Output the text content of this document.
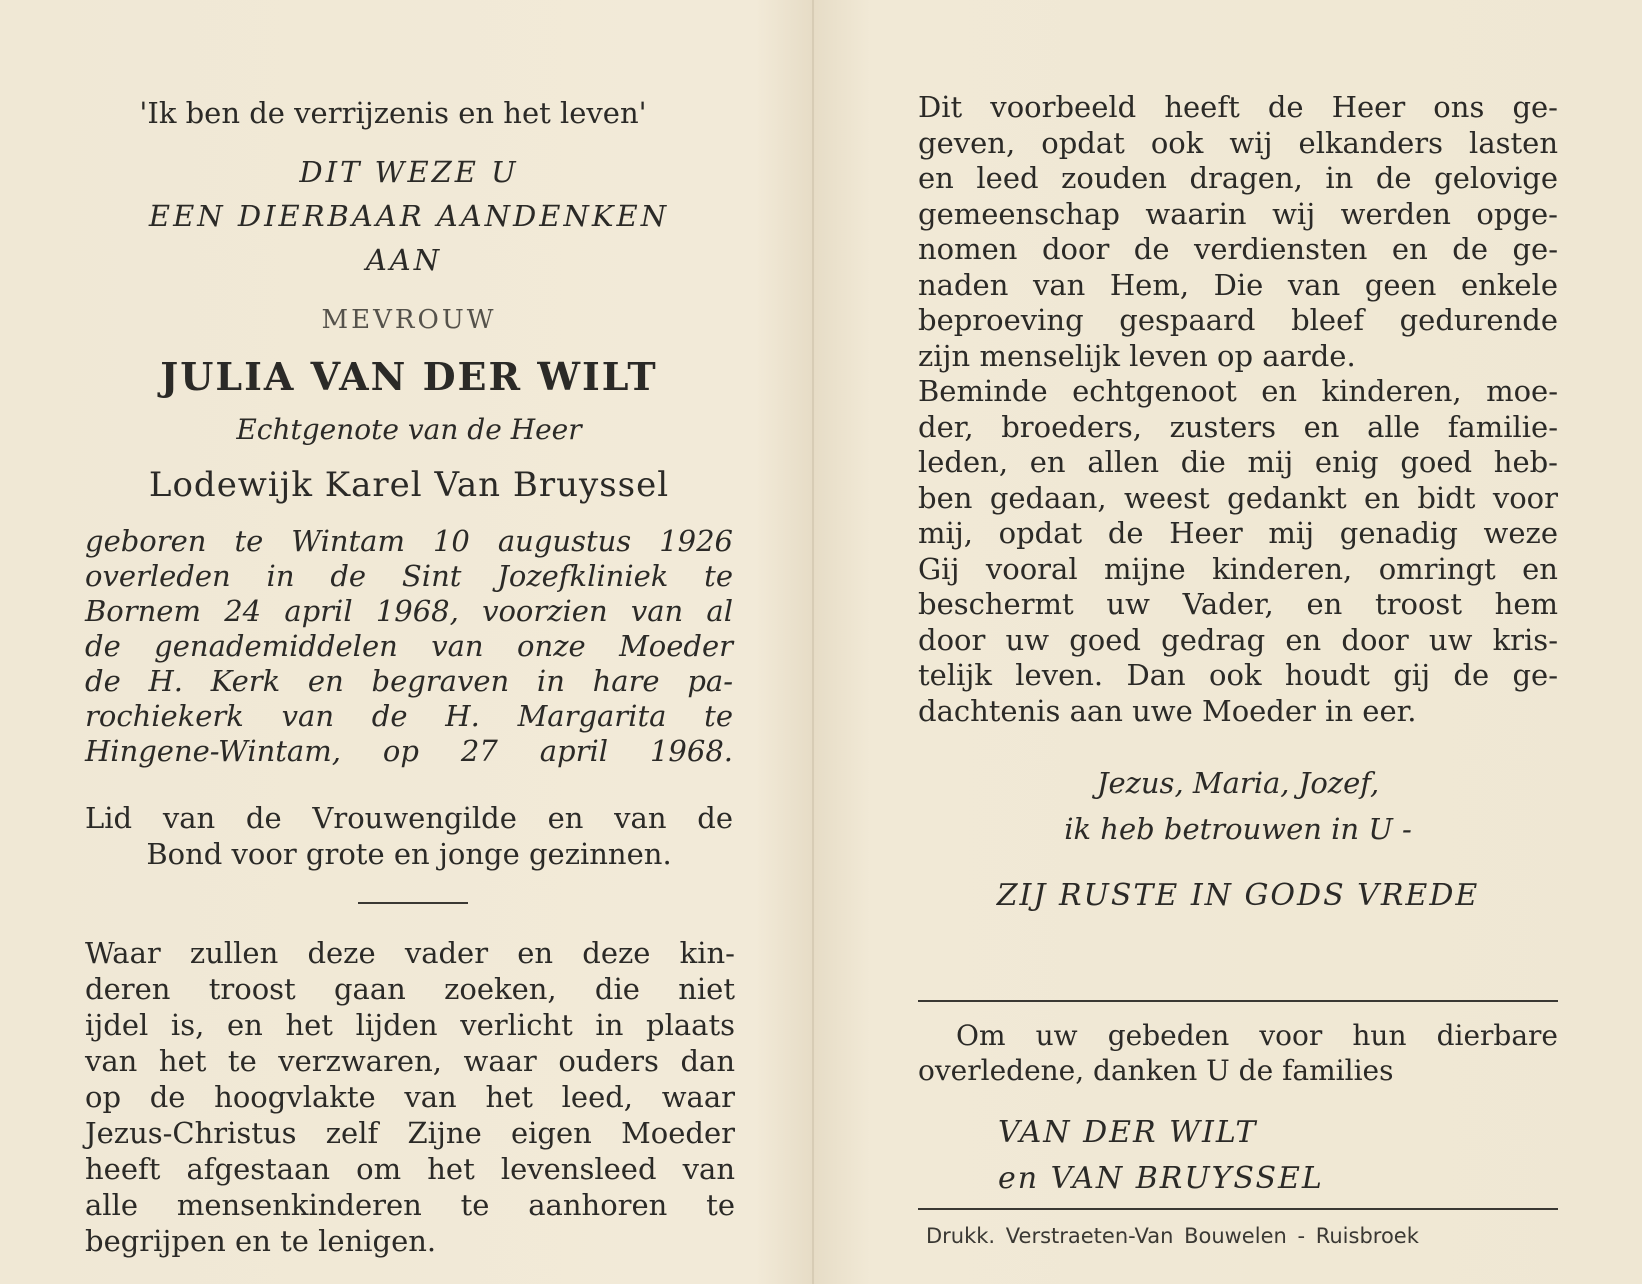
'Ik ben de verrijzenis en het leven'
DIT WEZE U
EEN DIERBAAR AANDENKEN
AAN
MEVROUW
JULIA VAN DER WILT
Echtgenote van de Heer
Lodewijk Karel Van Bruyssel
geboren te Wintam 10 augustus 1926
overleden in de Sint Jozefkliniek te
Bornem 24 april 1968, voorzien van al
de genademiddelen van onze Moeder
de H. Kerk en begraven in hare pa-
rochiekerk van de H. Margarita te
Hingene-Wintam, op 27 april 1968.
Lid van de Vrouwengilde en van de
Bond voor grote en jonge gezinnen.
Waar zullen deze vader en deze kin-
deren troost gaan zoeken, die niet
ijdel is, en het lijden verlicht in plaats
van het te verzwaren, waar ouders dan
op de hoogvlakte van het leed, waar
Jezus-Christus zelf Zijne eigen Moeder
heeft afgestaan om het levensleed van
alle mensenkinderen te aanhoren te
begrijpen en te lenigen.
Dit voorbeeld heeft de Heer ons ge-
geven, opdat ook wij elkanders lasten
en leed zouden dragen, in de gelovige
gemeenschap waarin wij werden opge-
nomen door de verdiensten en de ge-
naden van Hem, Die van geen enkele
beproeving gespaard bleef gedurende
zijn menselijk leven op aarde.
Beminde echtgenoot en kinderen, moe-
der, broeders, zusters en alle familie-
leden, en allen die mij enig goed heb-
ben gedaan, weest gedankt en bidt voor
mij, opdat de Heer mij genadig weze
Gij vooral mijne kinderen, omringt en
beschermt uw Vader, en troost hem
door uw goed gedrag en door uw kris-
telijk leven. Dan ook houdt gij de ge-
dachtenis aan uwe Moeder in eer.
Jezus, Maria, Jozef,
ik heb betrouwen in U -
ZIJ RUSTE IN GODS VREDE
Om uw gebeden voor hun dierbare
overledene, danken U de families
VAN DER WILT
en VAN BRUYSSEL
Drukk. Verstraeten-Van Bouwelen - Ruisbroek
